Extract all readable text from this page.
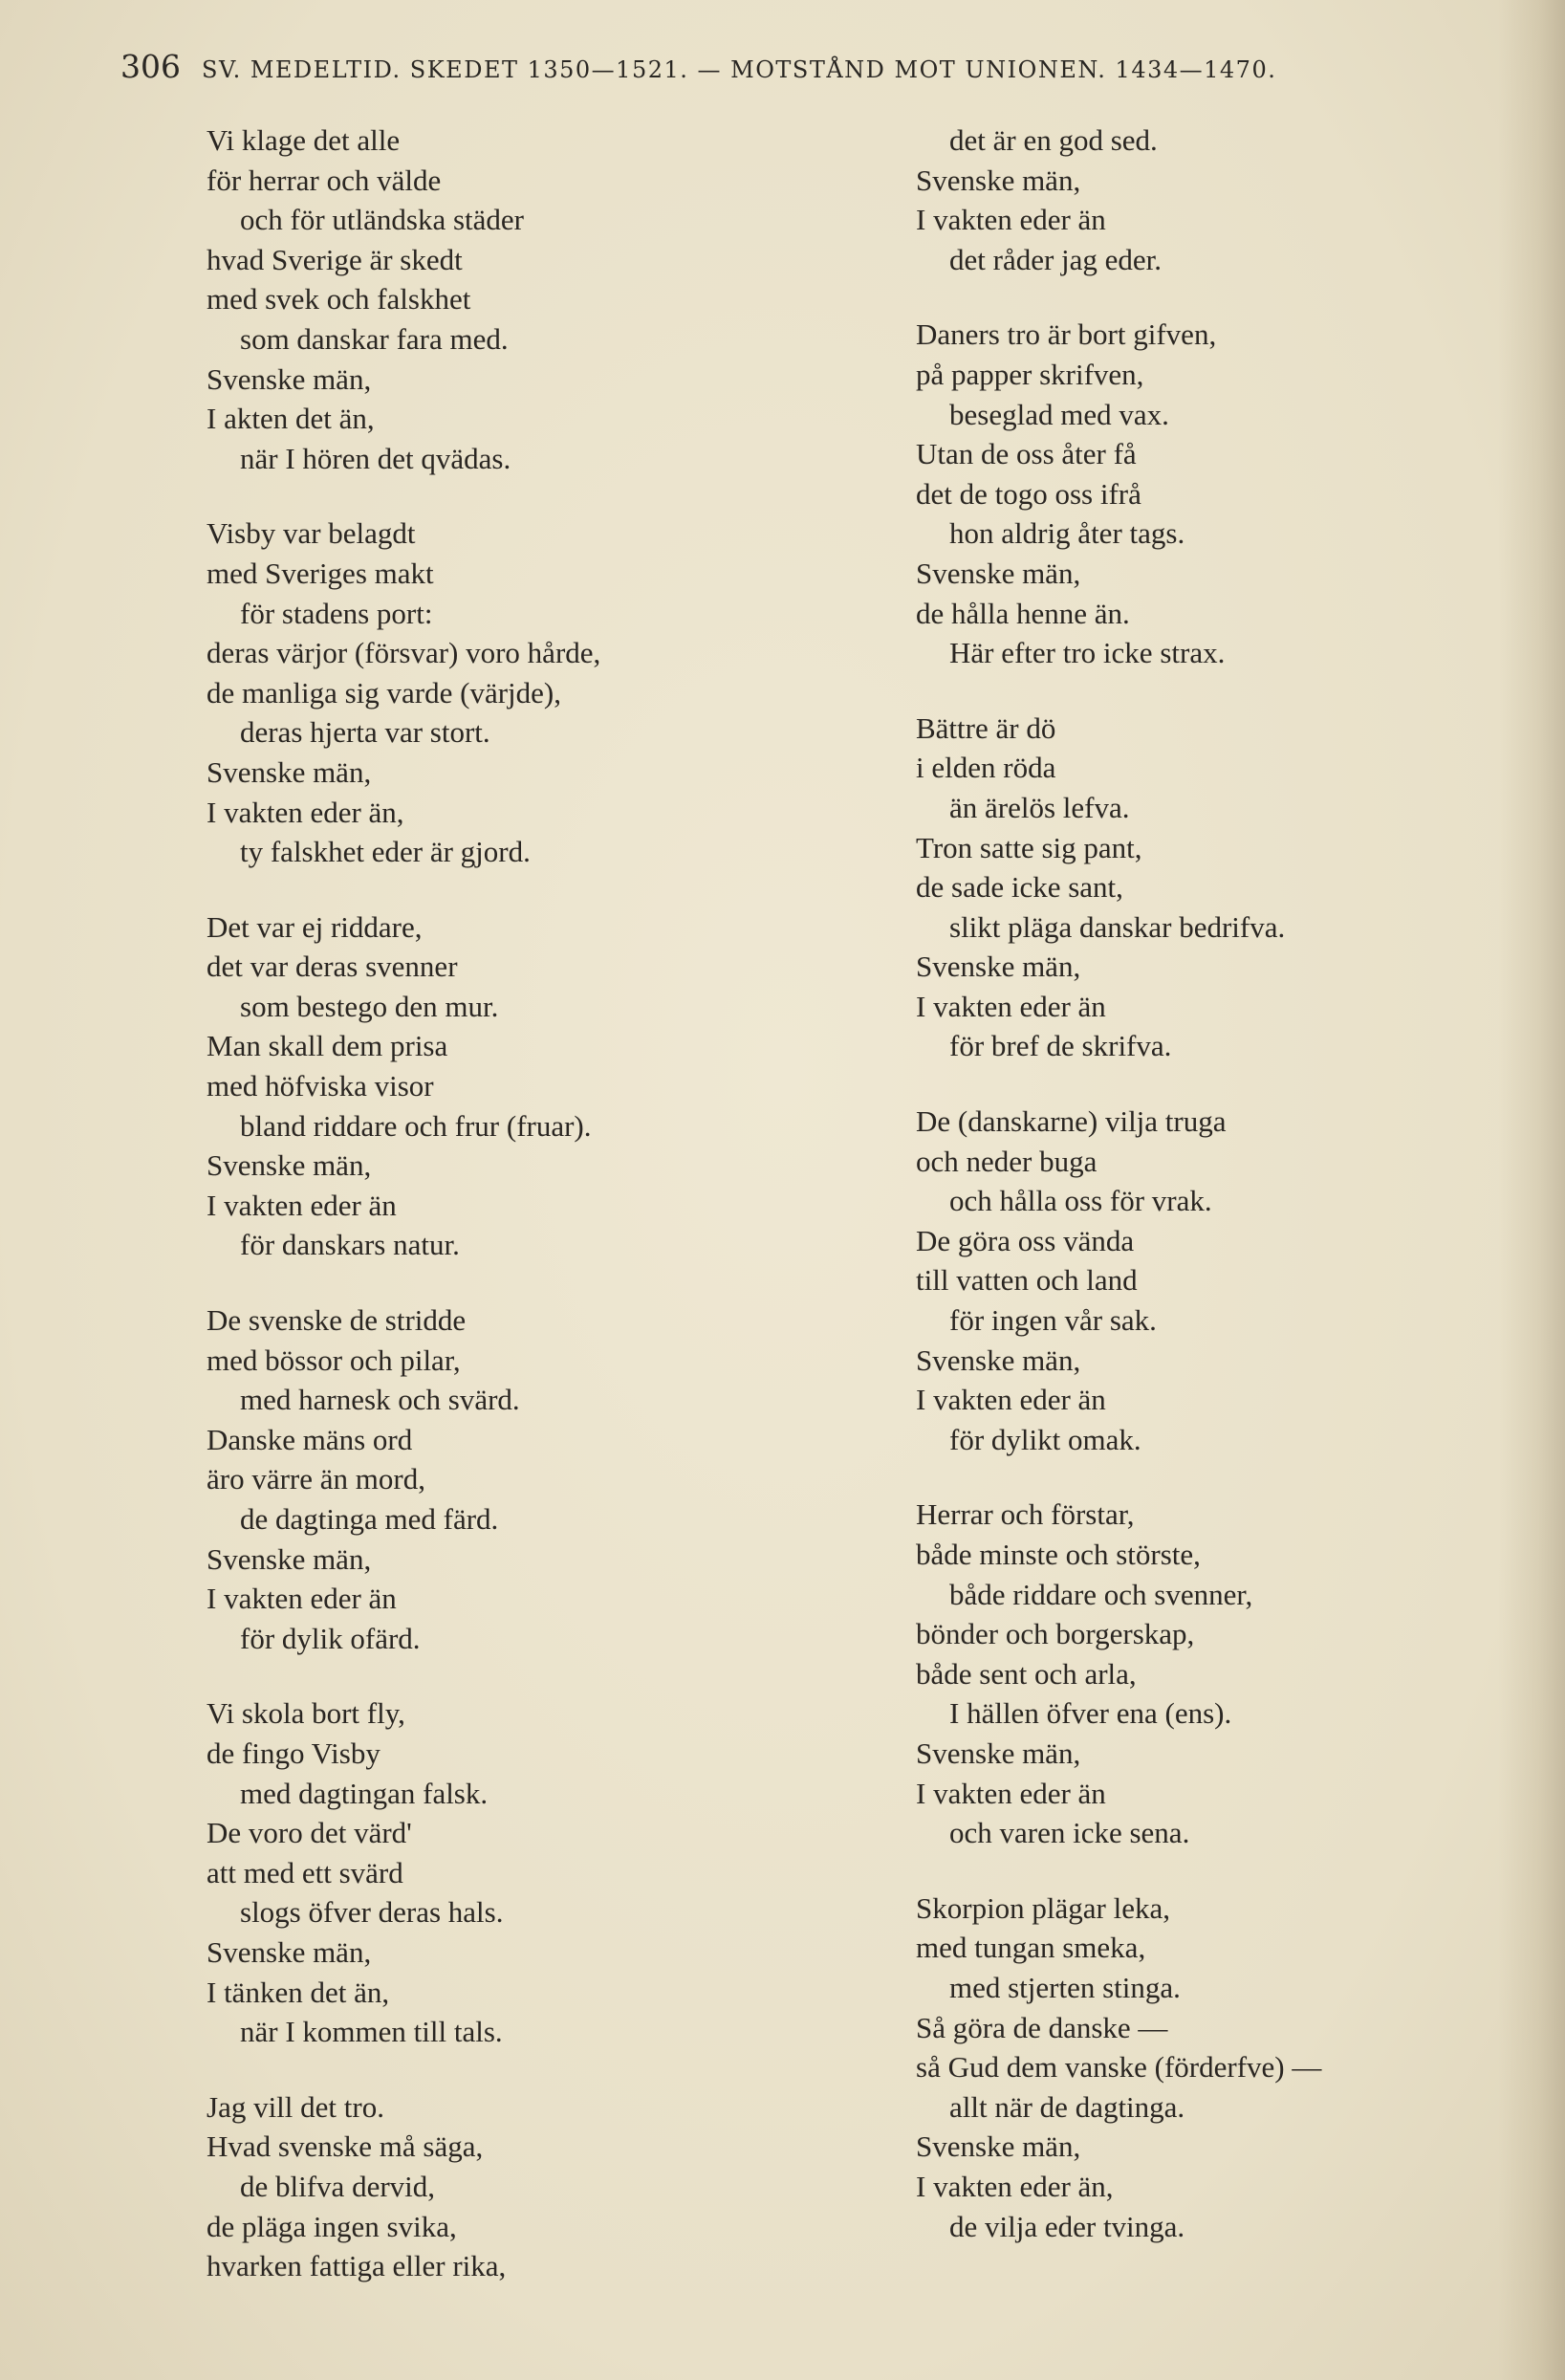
306 SV. MEDELTID. SKEDET 1350—1521. — MOTSTÅND MOT UNIONEN. 1434—1470.
Vi klage det alle
för herrar och välde
och för utländska städer
hvad Sverige är skedt
med svek och falskhet
som danskar fara med.
Svenske män,
I akten det än,
när I hören det qvädas.
Visby var belagdt
med Sveriges makt
för stadens port:
deras värjor (försvar) voro hårde,
de manliga sig varde (värjde),
deras hjerta var stort.
Svenske män,
I vakten eder än,
ty falskhet eder är gjord.
Det var ej riddare,
det var deras svenner
som bestego den mur.
Man skall dem prisa
med höfviska visor
bland riddare och frur (fruar).
Svenske män,
I vakten eder än
för danskars natur.
De svenske de stridde
med bössor och pilar,
med harnesk och svärd.
Danske mäns ord
äro värre än mord,
de dagtinga med färd.
Svenske män,
I vakten eder än
för dylik ofärd.
Vi skola bort fly,
de fingo Visby
med dagtingan falsk.
De voro det värd'
att med ett svärd
slogs öfver deras hals.
Svenske män,
I tänken det än,
när I kommen till tals.
Jag vill det tro.
Hvad svenske må säga,
de blifva dervid,
de pläga ingen svika,
hvarken fattiga eller rika,
det är en god sed.
Svenske män,
I vakten eder än
det råder jag eder.
Daners tro är bort gifven,
på papper skrifven,
beseglad med vax.
Utan de oss åter få
det de togo oss ifrå
hon aldrig åter tags.
Svenske män,
de hålla henne än.
Här efter tro icke strax.
Bättre är dö
i elden röda
än ärelös lefva.
Tron satte sig pant,
de sade icke sant,
slikt pläga danskar bedrifva.
Svenske män,
I vakten eder än
för bref de skrifva.
De (danskarne) vilja truga
och neder buga
och hålla oss för vrak.
De göra oss vända
till vatten och land
för ingen vår sak.
Svenske män,
I vakten eder än
för dylikt omak.
Herrar och förstar,
både minste och störste,
både riddare och svenner,
bönder och borgerskap,
både sent och arla,
I hällen öfver ena (ens).
Svenske män,
I vakten eder än
och varen icke sena.
Skorpion plägar leka,
med tungan smeka,
med stjerten stinga.
Så göra de danske —
så Gud dem vanske (förderfve) —
allt när de dagtinga.
Svenske män,
I vakten eder än,
de vilja eder tvinga.
